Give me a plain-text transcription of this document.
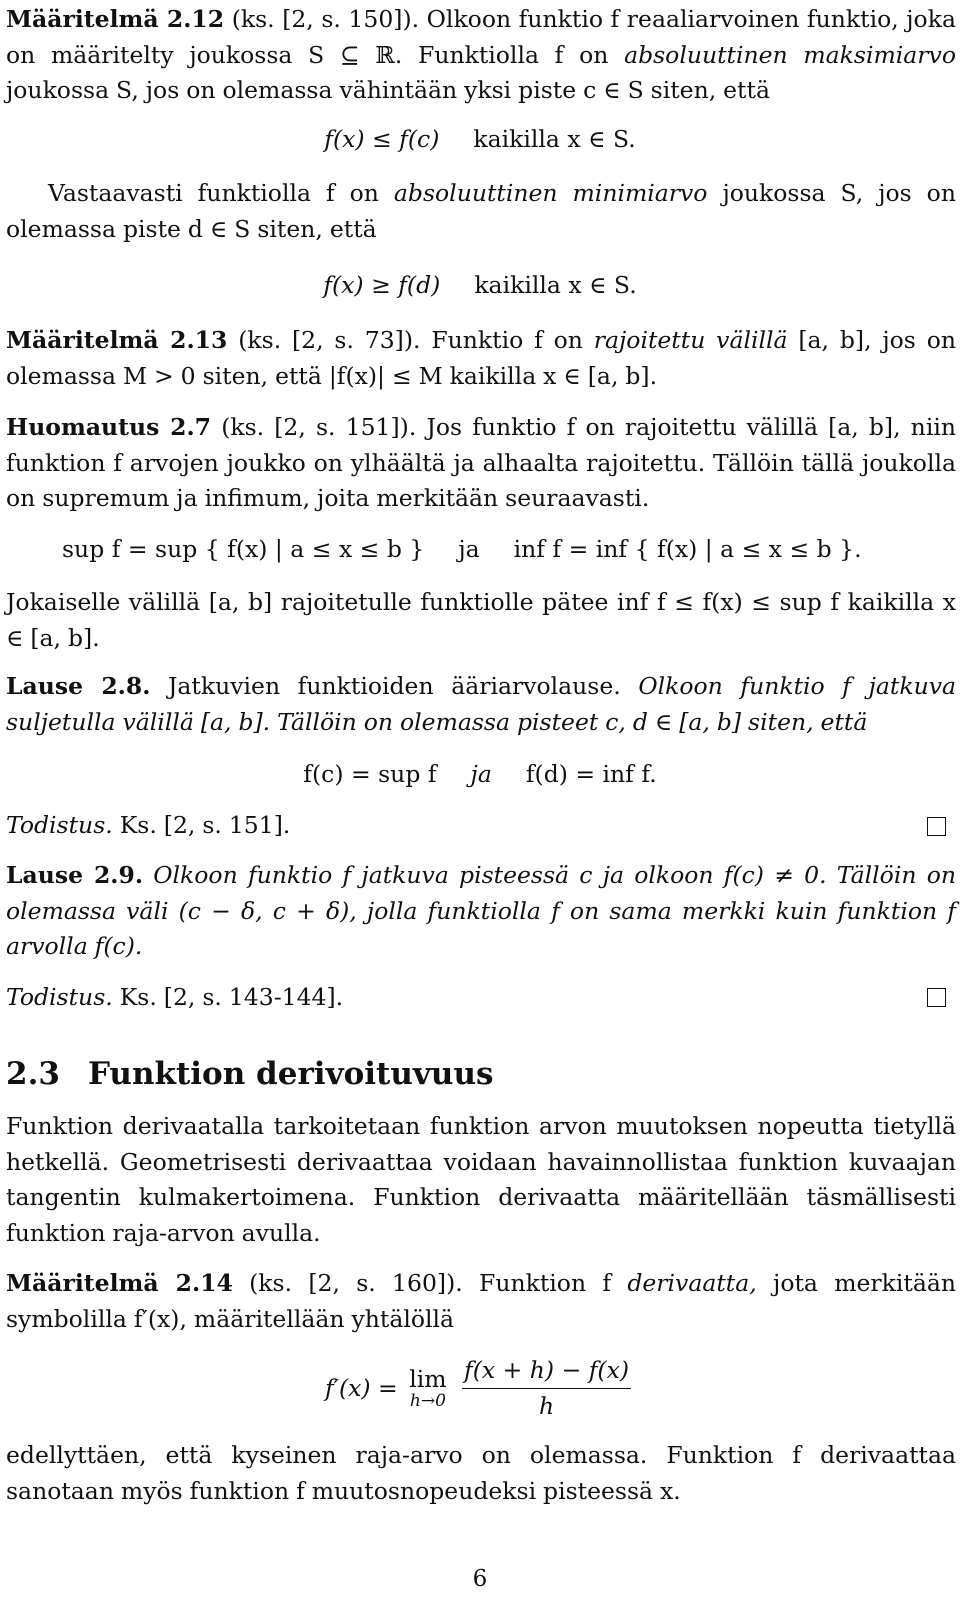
Määritelmä 2.12 (ks. [2, s. 150]). Olkoon funktio f reaaliarvoinen funktio, joka on määritelty joukossa S ⊆ ℝ. Funktiolla f on absoluuttinen maksimiarvo joukossa S, jos on olemassa vähintään yksi piste c ∈ S siten, että
f(x) ≤ f(c) kaikilla x ∈ S.
Vastaavasti funktiolla f on absoluuttinen minimiarvo joukossa S, jos on olemassa piste d ∈ S siten, että
f(x) ≥ f(d) kaikilla x ∈ S.
Määritelmä 2.13 (ks. [2, s. 73]). Funktio f on rajoitettu välillä [a, b], jos on olemassa M > 0 siten, että |f(x)| ≤ M kaikilla x ∈ [a, b].
Huomautus 2.7 (ks. [2, s. 151]). Jos funktio f on rajoitettu välillä [a, b], niin funktion f arvojen joukko on ylhäältä ja alhaalta rajoitettu. Tällöin tällä joukolla on supremum ja infimum, joita merkitään seuraavasti.
sup f = sup { f(x) | a ≤ x ≤ b } ja inf f = inf { f(x) | a ≤ x ≤ b }.
Jokaiselle välillä [a, b] rajoitetulle funktiolle pätee inf f ≤ f(x) ≤ sup f kaikilla x ∈ [a, b].
Lause 2.8. Jatkuvien funktioiden ääriarvolause. Olkoon funktio f jatkuva suljetulla välillä [a, b]. Tällöin on olemassa pisteet c, d ∈ [a, b] siten, että
f(c) = sup f ja f(d) = inf f.
Todistus. Ks. [2, s. 151].
Lause 2.9. Olkoon funktio f jatkuva pisteessä c ja olkoon f(c) ≠ 0. Tällöin on olemassa väli (c − δ, c + δ), jolla funktiolla f on sama merkki kuin funktion f arvolla f(c).
Todistus. Ks. [2, s. 143-144].
2.3 Funktion derivoituvuus
Funktion derivaatalla tarkoitetaan funktion arvon muutoksen nopeutta tietyllä hetkellä. Geometrisesti derivaattaa voidaan havainnollistaa funktion kuvaajan tangentin kulmakertoimena. Funktion derivaatta määritellään täsmällisesti funktion raja-arvon avulla.
Määritelmä 2.14 (ks. [2, s. 160]). Funktion f derivaatta, jota merkitään symbolilla f′(x), määritellään yhtälöllä
f′(x) = lim
h→0
$\frac{f(x + h) - f(x)}{h}$
edellyttäen, että kyseinen raja-arvo on olemassa. Funktion f derivaattaa sanotaan myös funktion f muutosnopeudeksi pisteessä x.
6
